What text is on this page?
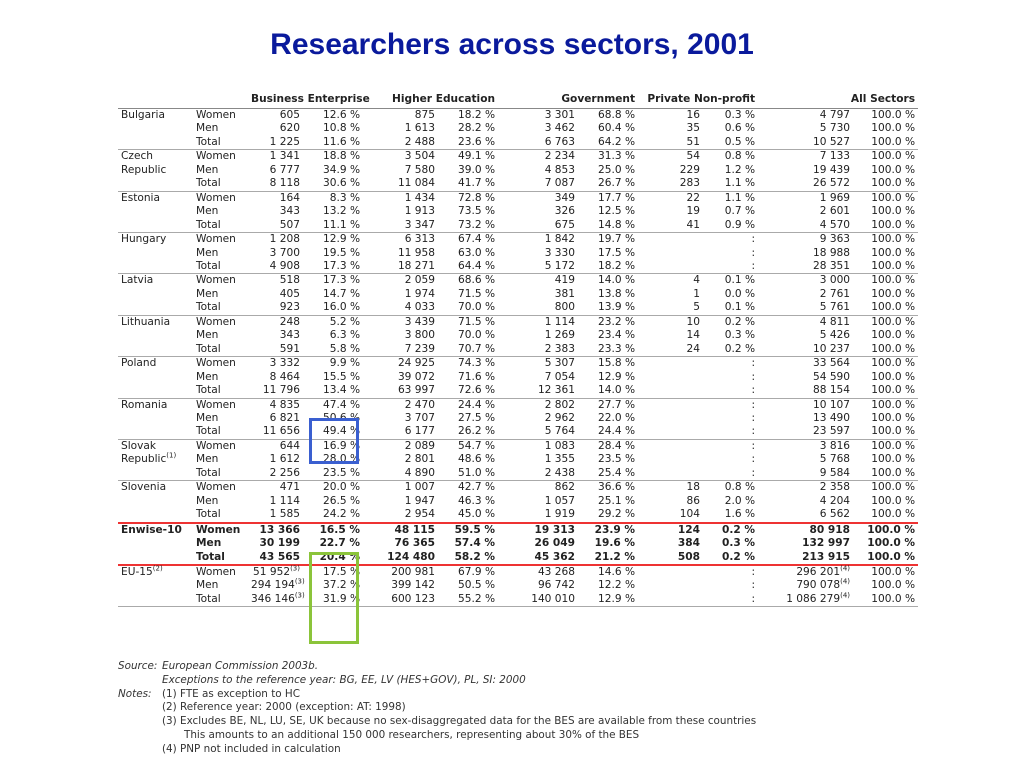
Researchers across sectors, 2001
		Business Enterprise		Higher Education		Government		Private Non-profit		All Sectors	
Bulgaria	Women	605	12.6 %	875	18.2 %	3 301	68.8 %	16	0.3 %	4 797	100.0 %
	Men	620	10.8 %	1 613	28.2 %	3 462	60.4 %	35	0.6 %	5 730	100.0 %
	Total	1 225	11.6 %	2 488	23.6 %	6 763	64.2 %	51	0.5 %	10 527	100.0 %
Czech	Women	1 341	18.8 %	3 504	49.1 %	2 234	31.3 %	54	0.8 %	7 133	100.0 %
Republic	Men	6 777	34.9 %	7 580	39.0 %	4 853	25.0 %	229	1.2 %	19 439	100.0 %
	Total	8 118	30.6 %	11 084	41.7 %	7 087	26.7 %	283	1.1 %	26 572	100.0 %
Estonia	Women	164	8.3 %	1 434	72.8 %	349	17.7 %	22	1.1 %	1 969	100.0 %
	Men	343	13.2 %	1 913	73.5 %	326	12.5 %	19	0.7 %	2 601	100.0 %
	Total	507	11.1 %	3 347	73.2 %	675	14.8 %	41	0.9 %	4 570	100.0 %
Hungary	Women	1 208	12.9 %	6 313	67.4 %	1 842	19.7 %		:	9 363	100.0 %
	Men	3 700	19.5 %	11 958	63.0 %	3 330	17.5 %		:	18 988	100.0 %
	Total	4 908	17.3 %	18 271	64.4 %	5 172	18.2 %		:	28 351	100.0 %
Latvia	Women	518	17.3 %	2 059	68.6 %	419	14.0 %	4	0.1 %	3 000	100.0 %
	Men	405	14.7 %	1 974	71.5 %	381	13.8 %	1	0.0 %	2 761	100.0 %
	Total	923	16.0 %	4 033	70.0 %	800	13.9 %	5	0.1 %	5 761	100.0 %
Lithuania	Women	248	5.2 %	3 439	71.5 %	1 114	23.2 %	10	0.2 %	4 811	100.0 %
	Men	343	6.3 %	3 800	70.0 %	1 269	23.4 %	14	0.3 %	5 426	100.0 %
	Total	591	5.8 %	7 239	70.7 %	2 383	23.3 %	24	0.2 %	10 237	100.0 %
Poland	Women	3 332	9.9 %	24 925	74.3 %	5 307	15.8 %		:	33 564	100.0 %
	Men	8 464	15.5 %	39 072	71.6 %	7 054	12.9 %		:	54 590	100.0 %
	Total	11 796	13.4 %	63 997	72.6 %	12 361	14.0 %		:	88 154	100.0 %
Romania	Women	4 835	47.4 %	2 470	24.4 %	2 802	27.7 %		:	10 107	100.0 %
	Men	6 821	50.6 %	3 707	27.5 %	2 962	22.0 %		:	13 490	100.0 %
	Total	11 656	49.4 %	6 177	26.2 %	5 764	24.4 %		:	23 597	100.0 %
Slovak	Women	644	16.9 %	2 089	54.7 %	1 083	28.4 %		:	3 816	100.0 %
Republic$^{(1)}$	Men	1 612	28.0 %	2 801	48.6 %	1 355	23.5 %		:	5 768	100.0 %
	Total	2 256	23.5 %	4 890	51.0 %	2 438	25.4 %		:	9 584	100.0 %
Slovenia	Women	471	20.0 %	1 007	42.7 %	862	36.6 %	18	0.8 %	2 358	100.0 %
	Men	1 114	26.5 %	1 947	46.3 %	1 057	25.1 %	86	2.0 %	4 204	100.0 %
	Total	1 585	24.2 %	2 954	45.0 %	1 919	29.2 %	104	1.6 %	6 562	100.0 %
Enwise-10	Women	13 366	16.5 %	48 115	59.5 %	19 313	23.9 %	124	0.2 %	80 918	100.0 %
	Men	30 199	22.7 %	76 365	57.4 %	26 049	19.6 %	384	0.3 %	132 997	100.0 %
	Total	43 565	20.4 %	124 480	58.2 %	45 362	21.2 %	508	0.2 %	213 915	100.0 %
EU-15$^{(2)}$	Women	51 952$^{(3)}$	17.5 %	200 981	67.9 %	43 268	14.6 %		:	296 201$^{(4)}$	100.0 %
	Men	294 194$^{(3)}$	37.2 %	399 142	50.5 %	96 742	12.2 %		:	790 078$^{(4)}$	100.0 %
	Total	346 146$^{(3)}$	31.9 %	600 123	55.2 %	140 010	12.9 %		:	1 086 279$^{(4)}$	100.0 %
Source: European Commission 2003b.
Exceptions to the reference year: BG, EE, LV (HES+GOV), PL, SI: 2000
Notes:	(1) FTE as exception to HC
(2) Reference year: 2000 (exception: AT: 1998)
(3) Excludes BE, NL, LU, SE, UK because no sex-disaggregated data for the BES are available from these countries
This amounts to an additional 150 000 researchers, representing about 30% of the BES
(4) PNP not included in calculation
